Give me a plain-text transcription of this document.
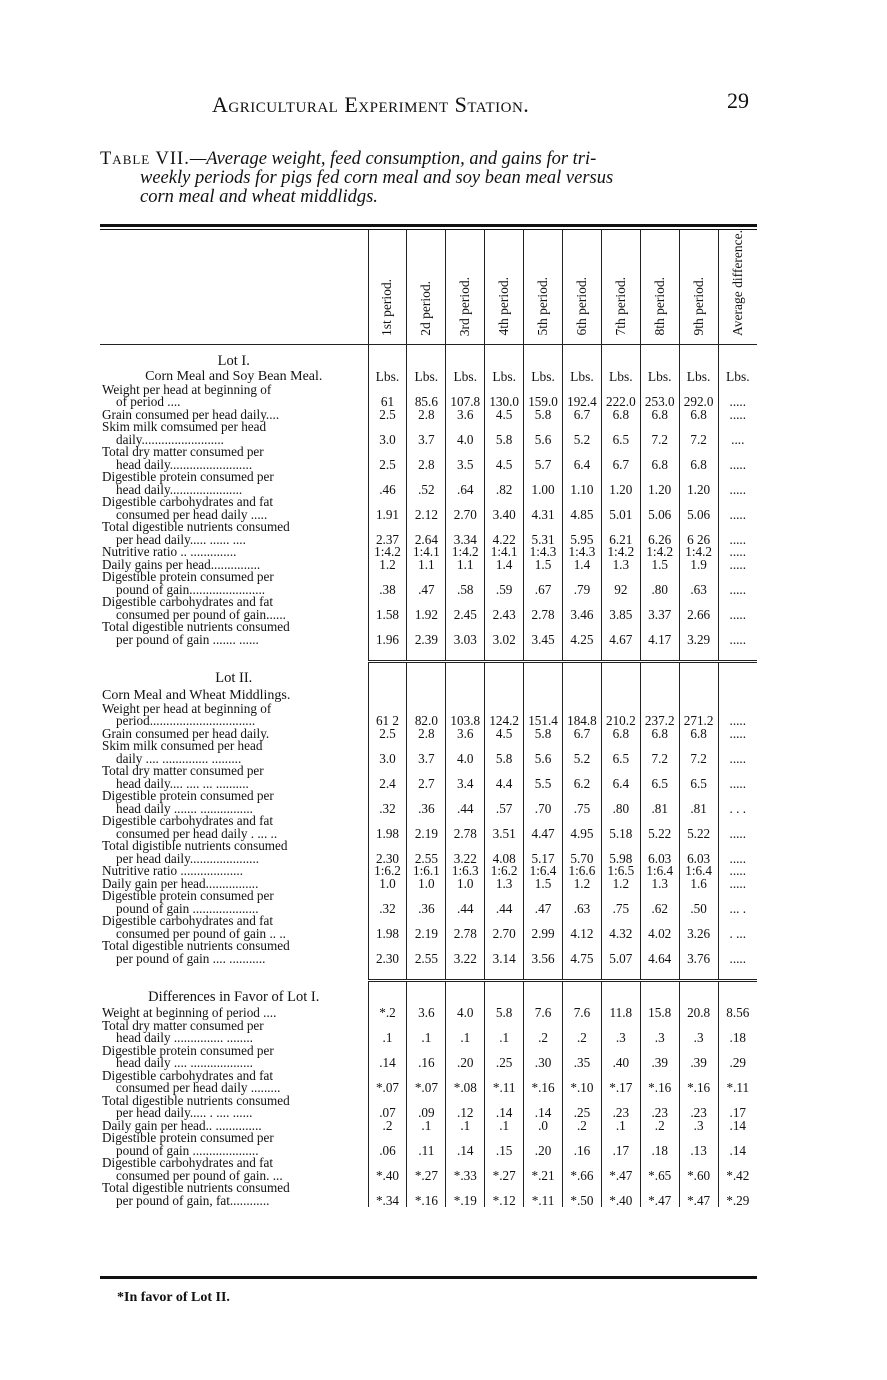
Agricultural Experiment Station.	29
Table VII.—Average weight, feed consumption, and gains for tri-
weekly periods for pigs fed corn meal and soy bean meal versus
corn meal and wheat middlidgs.
	1st period.	2d period.	3rd period.	4th period.	5th period.	6th period.	7th period.	8th period.	9th period.	Average difference.
Lot I.										
Corn Meal and Soy Bean Meal.	Lbs.	Lbs.	Lbs.	Lbs.	Lbs.	Lbs.	Lbs.	Lbs.	Lbs.	Lbs.

Weight per head at beginning of
of period ....	61	85.6	107.8	130.0	159.0	192.4	222.0	253.0	292.0	.....

Grain consumed per head daily....	2.5	2.8	3.6	4.5	5.8	6.7	6.8	6.8	6.8	.....

Skim milk comsumed per head
daily.........................	3.0	3.7	4.0	5.8	5.6	5.2	6.5	7.2	7.2	....

Total dry matter consumed per
head daily.........................	2.5	2.8	3.5	4.5	5.7	6.4	6.7	6.8	6.8	.....

Digestible protein consumed per
head daily......................	.46	.52	.64	.82	1.00	1.10	1.20	1.20	1.20	.....

Digestible carbohydrates and fat
consumed per head daily .....	1.91	2.12	2.70	3.40	4.31	4.85	5.01	5.06	5.06	.....

Total digestible nutrients consumed
per head daily..... ...... ....	2.37	2.64	3.34	4.22	5.31	5.95	6.21	6.26	6 26	.....

Nutritive ratio .. ..............	1:4.2	1:4.1	1:4.2	1:4.1	1:4.3	1:4.3	1:4.2	1:4.2	1:4.2	.....

Daily gains per head...............	1.2	1.1	1.1	1.4	1.5	1.4	1.3	1.5	1.9	.....

Digestible protein consumed per
pound of gain.......................	.38	.47	.58	.59	.67	.79	92	.80	.63	.....

Digestible carbohydrates and fat
consumed per pound of gain......	1.58	1.92	2.45	2.43	2.78	3.46	3.85	3.37	2.66	.....

Total digestible nutrients consumed
per pound of gain ....... ......	1.96	2.39	3.03	3.02	3.45	4.25	4.67	4.17	3.29	.....

Lot II.										
Corn Meal and Wheat Middlings.										

Weight per head at beginning of
period................................	61 2	82.0	103.8	124.2	151.4	184.8	210.2	237.2	271.2	.....

Grain consumed per head daily.	2.5	2.8	3.6	4.5	5.8	6.7	6.8	6.8	6.8	.....

Skim milk consumed per head
daily .... .............. .........	3.0	3.7	4.0	5.8	5.6	5.2	6.5	7.2	7.2	.....

Total dry matter consumed per
head daily.... .... ... ..........	2.4	2.7	3.4	4.4	5.5	6.2	6.4	6.5	6.5	.....

Digestible protein consumed per
head daily ....... ................	.32	.36	.44	.57	.70	.75	.80	.81	.81	. . .

Digestible carbohydrates and fat
consumed per head daily . ... ..	1.98	2.19	2.78	3.51	4.47	4.95	5.18	5.22	5.22	.....

Total digistible nutrients consumed
per head daily.....................	2.30	2.55	3.22	4.08	5.17	5.70	5.98	6.03	6.03	.....

Nutritive ratio ...................	1:6.2	1:6.1	1:6.3	1:6.2	1:6.4	1:6.6	1:6.5	1:6.4	1:6.4	.....

Daily gain per head................	1.0	1.0	1.0	1.3	1.5	1.2	1.2	1.3	1.6	.....

Digestible protein consumed per
pound of gain ....................	.32	.36	.44	.44	.47	.63	.75	.62	.50	... .

Digestible carbohydrates and fat
consumed per pound of gain .. ..	1.98	2.19	2.78	2.70	2.99	4.12	4.32	4.02	3.26	. ...

Total digestible nutrients consumed
per pound of gain .... ...........	2.30	2.55	3.22	3.14	3.56	4.75	5.07	4.64	3.76	.....

Differences in Favor of Lot I.										

Weight at beginning of period ....	*.2	3.6	4.0	5.8	7.6	7.6	11.8	15.8	20.8	8.56

Total dry matter consumed per
head daily ............... ........	.1	.1	.1	.1	.2	.2	.3	.3	.3	.18

Digestible protein consumed per
head daily .... ...................	.14	.16	.20	.25	.30	.35	.40	.39	.39	.29

Digestible carbohydrates and fat
consumed per head daily .........	*.07	*.07	*.08	*.11	*.16	*.10	*.17	*.16	*.16	*.11

Total digestible nutrients consumed
per head daily..... . .... ......	.07	.09	.12	.14	.14	.25	.23	.23	.23	.17

Daily gain per head.. ..............	.2	.1	.1	.1	.0	.2	.1	.2	.3	.14

Digestible protein consumed per
pound of gain ....................	.06	.11	.14	.15	.20	.16	.17	.18	.13	.14

Digestible carbohydrates and fat
consumed per pound of gain. ...	*.40	*.27	*.33	*.27	*.21	*.66	*.47	*.65	*.60	*.42

Total digestible nutrients consumed
per pound of gain, fat............	*.34	*.16	*.19	*.12	*.11	*.50	*.40	*.47	*.47	*.29
*In favor of Lot II.
